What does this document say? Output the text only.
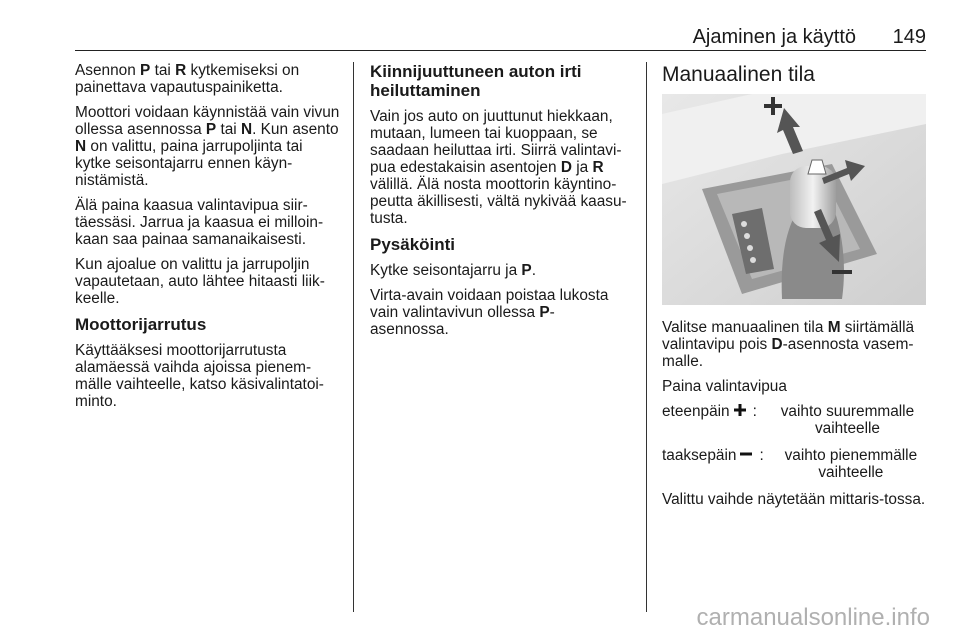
Ajaminen ja käyttö 149

Asennon P tai R kytkemiseksi on painettava vapautuspainiketta.

Moottori voidaan käynnistää vain vivun ollessa asennossa P tai N. Kun asento N on valittu, paina jarrupoljinta tai kytke seisontajarru ennen käyn-nistämistä.

Älä paina kaasua valintavipua siir-täessäsi. Jarrua ja kaasua ei milloin-kaan saa painaa samanaikaisesti.

Kun ajoalue on valittu ja jarrupoljin vapautetaan, auto lähtee hitaasti liik-keelle.

Moottorijarrutus

Käyttääksesi moottorijarrutusta alamäessä vaihda ajoissa pienem-mälle vaihteelle, katso käsivalintatoi-minto.

Kiinnijuuttuneen auton irti heiluttaminen

Vain jos auto on juuttunut hiekkaan, mutaan, lumeen tai kuoppaan, se saadaan heiluttaa irti. Siirrä valintavi-pua edestakaisin asentojen D ja R välillä. Älä nosta moottorin käyntino-peutta äkillisesti, vältä nykivää kaasu-tusta.

Pysäköinti

Kytke seisontajarru ja P.

Virta-avain voidaan poistaa lukosta vain valintavivun ollessa P-asennossa.

Manuaalinen tila

Valitse manuaalinen tila M siirtämällä valintavipu pois D-asennosta vasem-malle.

Paina valintavipua

eteenpäin	:	vaihto suuremmalle vaihteelle
taaksepäin	:	vaihto pienemmälle vaihteelle

Valittu vaihde näytetään mittaris-tossa.

carmanualsonline.info
